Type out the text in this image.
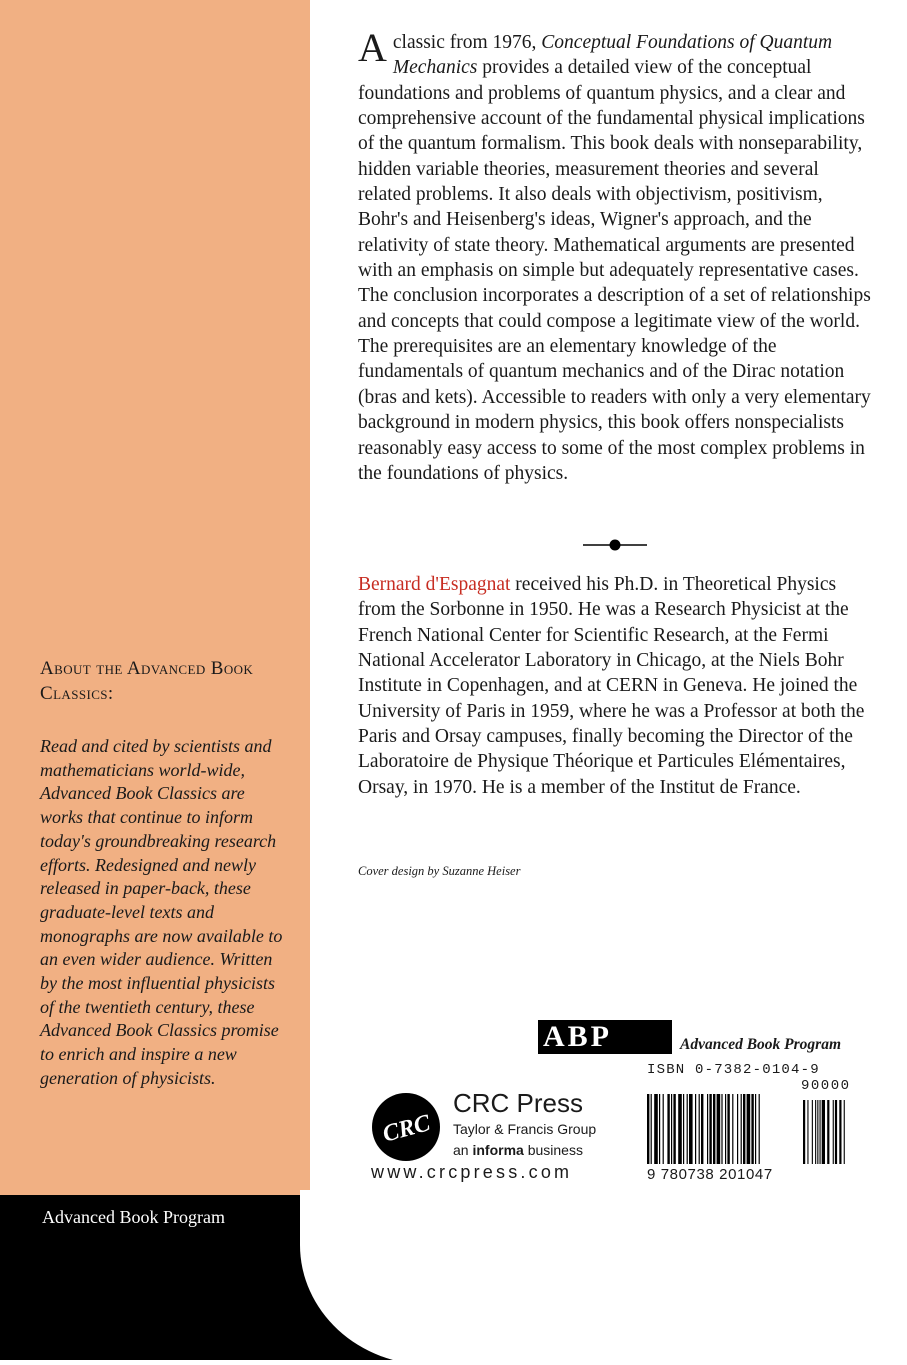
About the Advanced Book Classics:
Read and cited by scientists and mathematicians world-wide, Advanced Book Classics are works that continue to inform today's groundbreaking research efforts. Redesigned and newly released in paper-back, these graduate-level texts and monographs are now available to an even wider audience. Written by the most influential physicists of the twentieth century, these Advanced Book Classics promise to enrich and inspire a new generation of physicists.

A classic from 1976, Conceptual Foundations of Quantum Mechanics provides a detailed view of the conceptual foundations and problems of quantum physics, and a clear and comprehensive account of the fundamental physical implications of the quantum formalism. This book deals with nonseparability, hidden variable theories, measurement theories and several related problems. It also deals with objectivism, positivism, Bohr's and Heisenberg's ideas, Wigner's approach, and the relativity of state theory. Mathematical arguments are presented with an emphasis on simple but adequately representative cases. The conclusion incorporates a description of a set of relationships and concepts that could compose a legitimate view of the world. The prerequisites are an elementary knowledge of the fundamentals of quantum mechanics and of the Dirac notation (bras and kets). Accessible to readers with only a very elementary background in modern physics, this book offers nonspecialists reasonably easy access to some of the most complex problems in the foundations of physics.

Bernard d'Espagnat received his Ph.D. in Theoretical Physics from the Sorbonne in 1950. He was a Research Physicist at the French National Center for Scientific Research, at the Fermi National Accelerator Laboratory in Chicago, at the Niels Bohr Institute in Copenhagen, and at CERN in Geneva. He joined the University of Paris in 1959, where he was a Professor at both the Paris and Orsay campuses, finally becoming the Director of the Laboratoire de Physique Théorique et Particules Elémentaires, Orsay, in 1970. He is a member of the Institut de France.

Cover design by Suzanne Heiser
ABP	Advanced Book Program
CRC
CRC Press
Taylor & Francis Group
an informa business
www.crcpress.com
ISBN 0-7382-0104-9
90000
9 780738 201047
Advanced Book Program
